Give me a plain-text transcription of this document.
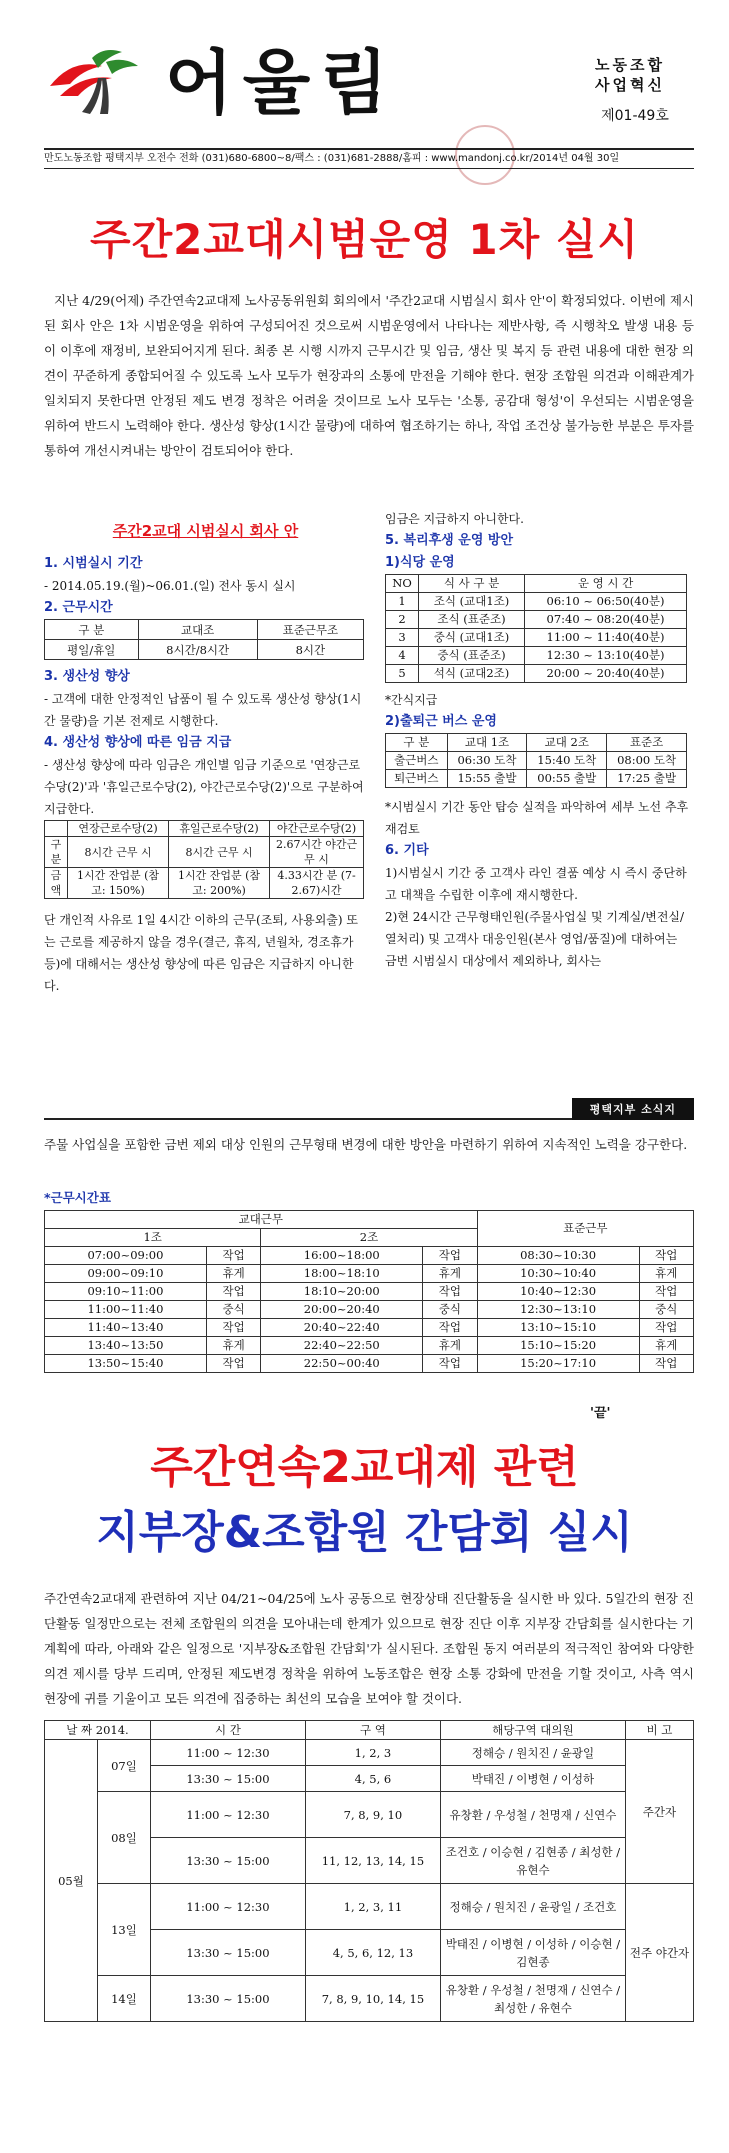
어울림	노동조합
사업혁신
제01-49호
만도노동조합 평택지부 오전수 전화 (031)680-6800~8/팩스 : (031)681-2888/홈피 : www.mandonj.co.kr/2014년 04월 30일
주간2교대시범운영 1차 실시
지난 4/29(어제) 주간연속2교대제 노사공동위원회 회의에서 '주간2교대 시범실시 회사 안'이 확정되었다. 이번에 제시된 회사 안은 1차 시범운영을 위하여 구성되어진 것으로써 시범운영에서 나타나는 제반사항, 즉 시행착오 발생 내용 등이 이후에 재정비, 보완되어지게 된다. 최종 본 시행 시까지 근무시간 및 임금, 생산 및 복지 등 관련 내용에 대한 현장 의견이 꾸준하게 종합되어질 수 있도록 노사 모두가 현장과의 소통에 만전을 기해야 한다. 현장 조합원 의견과 이해관계가 일치되지 못한다면 안정된 제도 변경 정착은 어려울 것이므로 노사 모두는 '소통, 공감대 형성'이 우선되는 시범운영을 위하여 반드시 노력해야 한다. 생산성 향상(1시간 물량)에 대하여 협조하기는 하나, 작업 조건상 불가능한 부분은 투자를 통하여 개선시켜내는 방안이 검토되어야 한다.
주간2교대 시범실시 회사 안
1. 시범실시 기간
- 2014.05.19.(월)~06.01.(일) 전사 동시 실시
2. 근무시간
구 분	교대조	표준근무조
평일/휴일	8시간/8시간	8시간
3. 생산성 향상
- 고객에 대한 안정적인 납품이 될 수 있도록 생산성 향상(1시간 물량)을 기본 전제로 시행한다.
4. 생산성 향상에 따른 임금 지급
- 생산성 향상에 따라 임금은 개인별 임금 기준으로 '연장근로수당(2)'과 '휴일근로수당(2), 야간근로수당(2)'으로 구분하여 지급한다.
	연장근로수당(2)	휴일근로수당(2)	야간근로수당(2)
구분	8시간 근무 시	8시간 근무 시	2.67시간 야간근무 시
금액	1시간 잔업분 (참고: 150%)	1시간 잔업분 (참고: 200%)	4.33시간 분 (7-2.67)시간
단 개인적 사유로 1일 4시간 이하의 근무(조퇴, 사용외출) 또는 근로를 제공하지 않을 경우(결근, 휴직, 년월차, 경조휴가 등)에 대해서는 생산성 향상에 따른 임금은 지급하지 아니한다.
임금은 지급하지 아니한다.
5. 복리후생 운영 방안
1)식당 운영
NO	식 사 구 분	운 영 시 간
1	조식 (교대1조)	06:10 ~ 06:50(40분)
2	조식 (표준조)	07:40 ~ 08:20(40분)
3	중식 (교대1조)	11:00 ~ 11:40(40분)
4	중식 (표준조)	12:30 ~ 13:10(40분)
5	석식 (교대2조)	20:00 ~ 20:40(40분)
*간식지급
2)출퇴근 버스 운영
구 분	교대 1조	교대 2조	표준조
출근버스	06:30 도착	15:40 도착	08:00 도착
퇴근버스	15:55 출발	00:55 출발	17:25 출발
*시범실시 기간 동안 탑승 실적을 파악하여 세부 노선 추후 재검토
6. 기타
1)시범실시 기간 중 고객사 라인 결품 예상 시 즉시 중단하고 대책을 수립한 이후에 재시행한다.
2)현 24시간 근무형태인원(주물사업실 및 기계실/변전실/열처리) 및 고객사 대응인원(본사 영업/품질)에 대하여는 금번 시범실시 대상에서 제외하나, 회사는
평택지부 소식지
주물 사업실을 포함한 금번 제외 대상 인원의 근무형태 변경에 대한 방안을 마련하기 위하여 지속적인 노력을 강구한다.
*근무시간표
교대근무				표준근무	
1조		2조			
07:00~09:00	작업	16:00~18:00	작업	08:30~10:30	작업
09:00~09:10	휴게	18:00~18:10	휴게	10:30~10:40	휴게
09:10~11:00	작업	18:10~20:00	작업	10:40~12:30	작업
11:00~11:40	중식	20:00~20:40	중식	12:30~13:10	중식
11:40~13:40	작업	20:40~22:40	작업	13:10~15:10	작업
13:40~13:50	휴게	22:40~22:50	휴게	15:10~15:20	휴게
13:50~15:40	작업	22:50~00:40	작업	15:20~17:10	작업
'끝'
주간연속2교대제 관련
지부장&조합원 간담회 실시
주간연속2교대제 관련하여 지난 04/21~04/25에 노사 공동으로 현장상태 진단활동을 실시한 바 있다. 5일간의 현장 진단활동 일정만으로는 전체 조합원의 의견을 모아내는데 한계가 있으므로 현장 진단 이후 지부장 간담회를 실시한다는 기 계획에 따라, 아래와 같은 일정으로 '지부장&조합원 간담회'가 실시된다. 조합원 동지 여러분의 적극적인 참여와 다양한 의견 제시를 당부 드리며, 안정된 제도변경 정착을 위하여 노동조합은 현장 소통 강화에 만전을 기할 것이고, 사측 역시 현장에 귀를 기울이고 모든 의견에 집중하는 최선의 모습을 보여야 할 것이다.
날 짜 2014.		시 간	구 역	해당구역 대의원	비 고
05월	07일	11:00 ~ 12:30	1, 2, 3	정해승 / 원치진 / 윤광일	주간자
		13:30 ~ 15:00	4, 5, 6	박태진 / 이병현 / 이성하	
	08일	11:00 ~ 12:30	7, 8, 9, 10	유창환 / 우성철 / 천명재 / 신연수	
		13:30 ~ 15:00	11, 12, 13, 14, 15	조건호 / 이승현 / 김현종 / 최성한 / 유현수	
	13일	11:00 ~ 12:30	1, 2, 3, 11	정해승 / 원치진 / 윤광일 / 조건호	전주 야간자
		13:30 ~ 15:00	4, 5, 6, 12, 13	박태진 / 이병현 / 이성하 / 이승현 / 김현종	
	14일	13:30 ~ 15:00	7, 8, 9, 10, 14, 15	유창환 / 우성철 / 천명재 / 신연수 / 최성한 / 유현수	
